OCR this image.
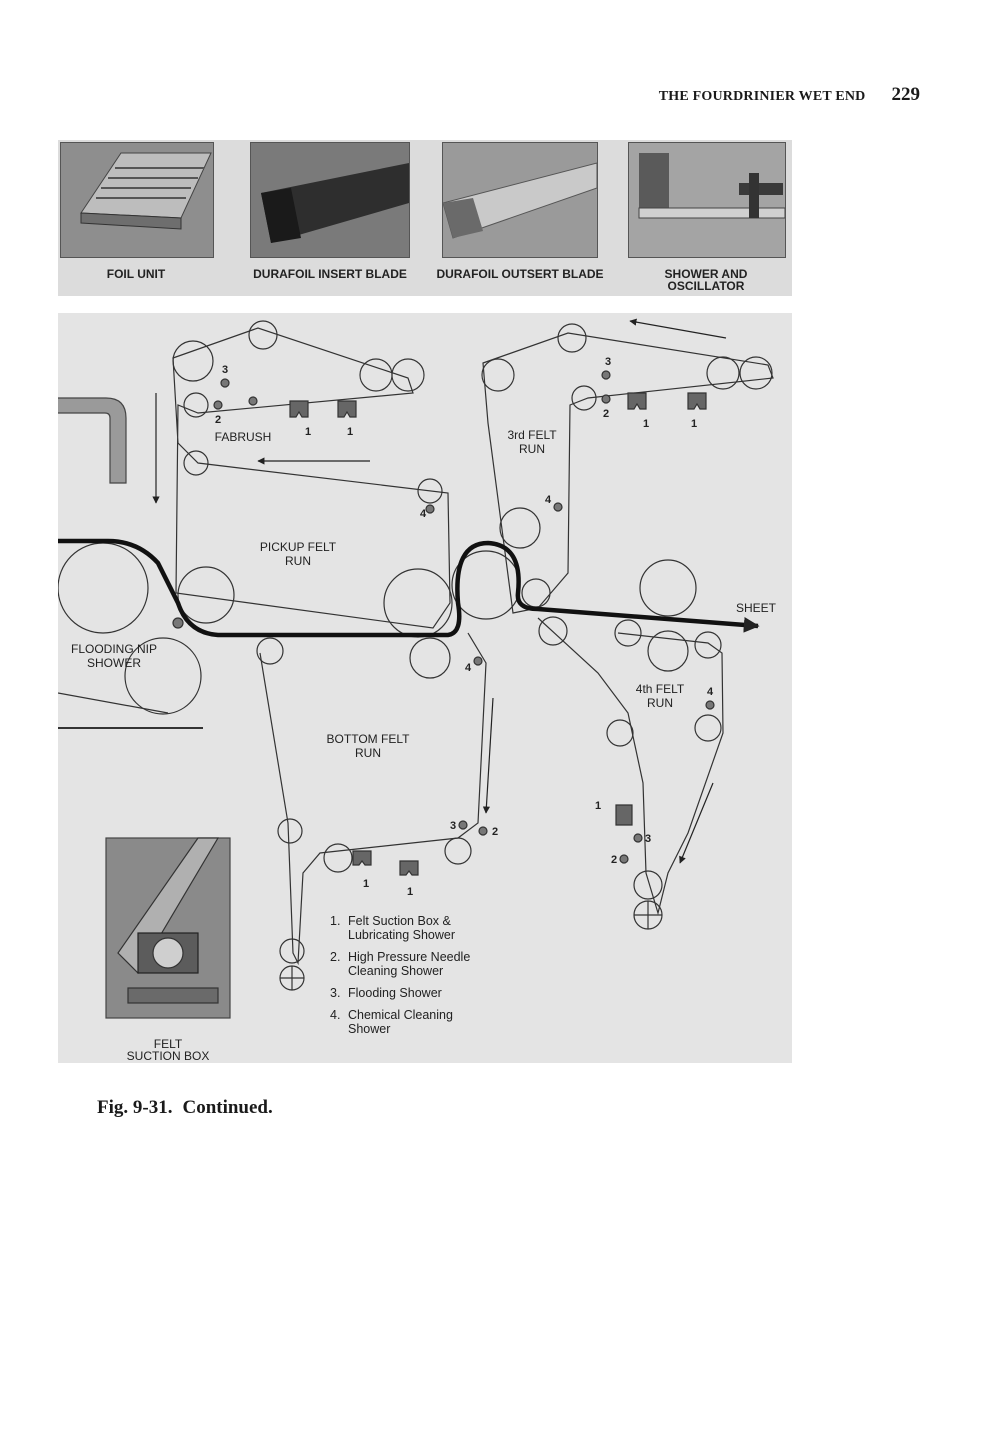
THE FOURDRINIER WET END 229
FOIL UNIT	DURAFOIL INSERT BLADE	DURAFOIL OUTSERT BLADE	SHOWER AND
OSCILLATOR
FABRUSH
PICKUP FELT
RUN
3rd FELT
RUN
BOTTOM FELT
RUN
4th FELT
RUN
SHEET
FLOODING NIP
SHOWER
FELT
SUCTION BOX
3
2
1	1
4
3
2
1	1
4
4
4
3	2
1
1
1
3
2
1. Felt Suction Box &
Lubricating Shower
2. High Pressure Needle
Cleaning Shower
3. Flooding Shower
4. Chemical Cleaning
Shower
Fig. 9-31. Continued.
